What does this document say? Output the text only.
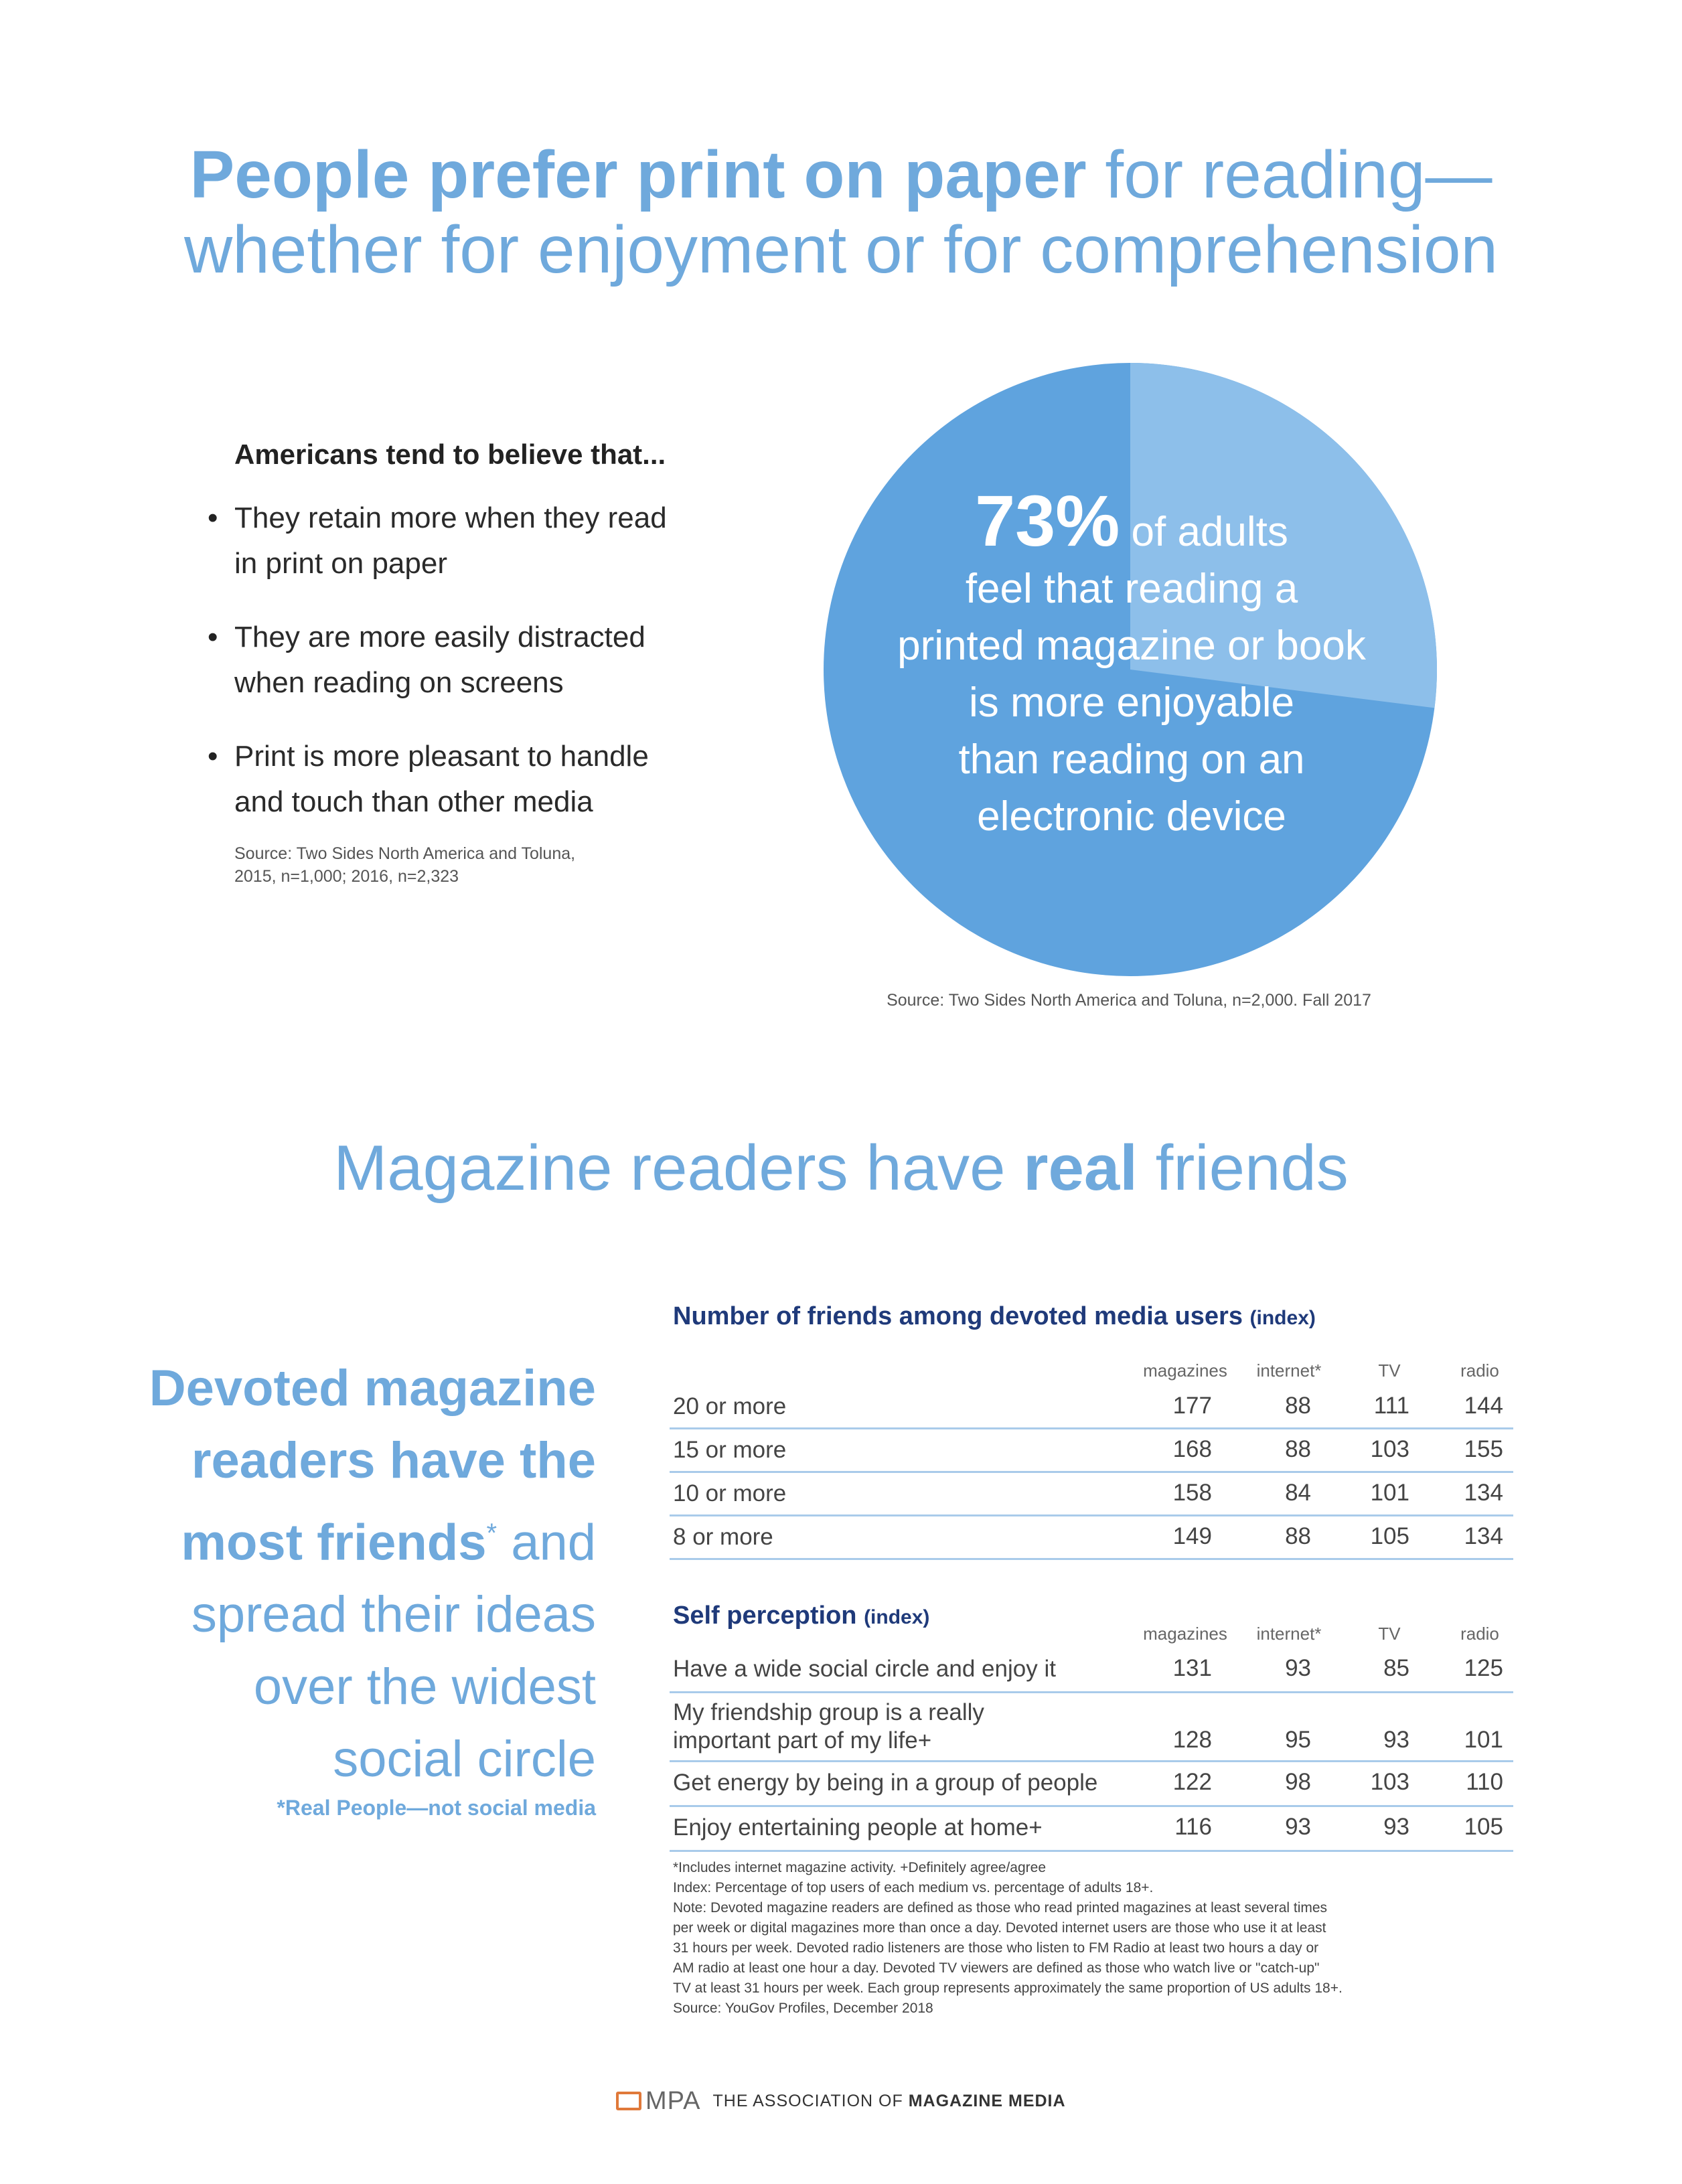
People prefer print on paper for reading—
whether for enjoyment or for comprehension
Americans tend to believe that...
• They retain more when they read
in print on paper
• They are more easily distracted
when reading on screens
• Print is more pleasant to handle
and touch than other media
Source: Two Sides North America and Toluna,
2015, n=1,000; 2016, n=2,323
73% of adults
feel that reading a
printed magazine or book
is more enjoyable
than reading on an
electronic device
Source: Two Sides North America and Toluna, n=2,000. Fall 2017
Magazine readers have real friends
Devoted magazine
readers have the
most friends* and
spread their ideas
over the widest
social circle
*Real People—not social media
Number of friends among devoted media users (index)
magazines	internet*	TV	radio
20 or more	177	88	111	144
15 or more	168	88	103	155
10 or more	158	84	101	134
8 or more	149	88	105	134
Self perception (index)
magazines	internet*	TV	radio
Have a wide social circle and enjoy it	131	93	85	125
My friendship group is a really
important part of my life+	128	95	93	101
Get energy by being in a group of people	122	98	103	110
Enjoy entertaining people at home+	116	93	93	105
*Includes internet magazine activity. +Definitely agree/agree
Index: Percentage of top users of each medium vs. percentage of adults 18+.
Note: Devoted magazine readers are defined as those who read printed magazines at least several times
per week or digital magazines more than once a day. Devoted internet users are those who use it at least
31 hours per week. Devoted radio listeners are those who listen to FM Radio at least two hours a day or
AM radio at least one hour a day. Devoted TV viewers are defined as those who watch live or "catch-up"
TV at least 31 hours per week. Each group represents approximately the same proportion of US adults 18+.
Source: YouGov Profiles, December 2018
MPA THE ASSOCIATION OF MAGAZINE MEDIA
